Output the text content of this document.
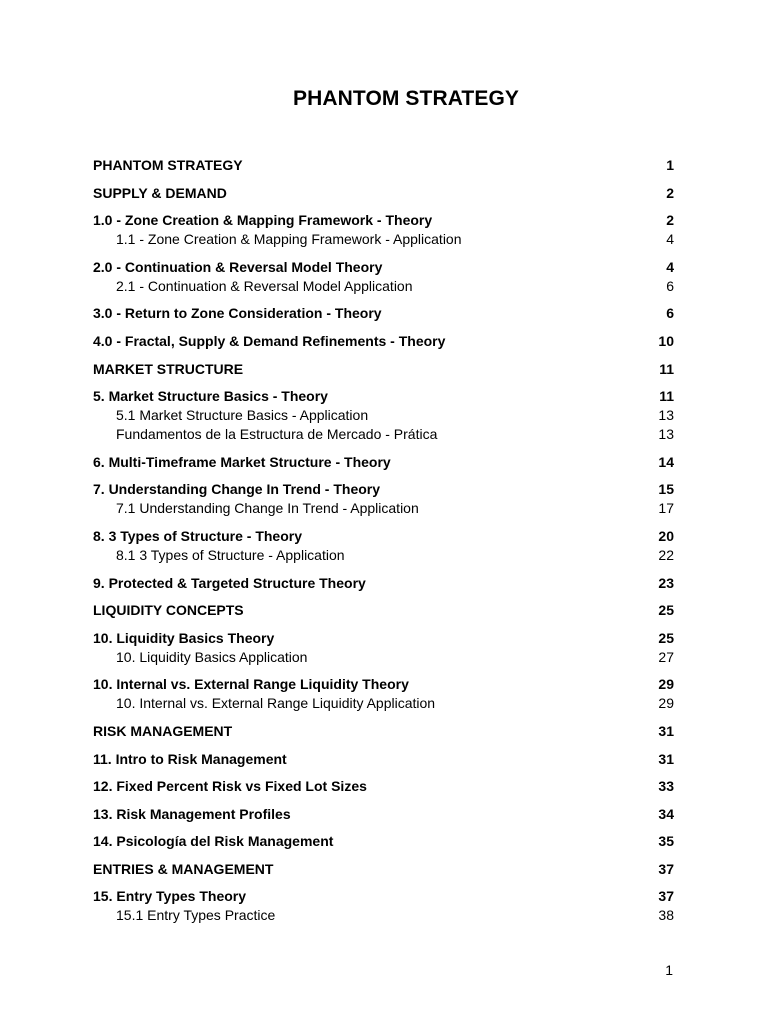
PHANTOM STRATEGY
PHANTOM STRATEGY	1
SUPPLY & DEMAND	2
1.0 - Zone Creation & Mapping Framework - Theory	2
1.1 - Zone Creation & Mapping Framework - Application	4
2.0 - Continuation & Reversal Model Theory	4
2.1 - Continuation & Reversal Model Application	6
3.0 - Return to Zone Consideration - Theory	6
4.0 - Fractal, Supply & Demand Refinements - Theory	10
MARKET STRUCTURE	11
5. Market Structure Basics - Theory	11
5.1 Market Structure Basics - Application	13
Fundamentos de la Estructura de Mercado - Prática	13
6. Multi-Timeframe Market Structure - Theory	14
7. Understanding Change In Trend - Theory	15
7.1 Understanding Change In Trend - Application	17
8. 3 Types of Structure - Theory	20
8.1 3 Types of Structure - Application	22
9. Protected & Targeted Structure Theory	23
LIQUIDITY CONCEPTS	25
10. Liquidity Basics Theory	25
10. Liquidity Basics Application	27
10. Internal vs. External Range Liquidity Theory	29
10. Internal vs. External Range Liquidity Application	29
RISK MANAGEMENT	31
11. Intro to Risk Management	31
12. Fixed Percent Risk vs Fixed Lot Sizes	33
13. Risk Management Profiles	34
14. Psicología del Risk Management	35
ENTRIES & MANAGEMENT	37
15. Entry Types Theory	37
15.1 Entry Types Practice	38
1
